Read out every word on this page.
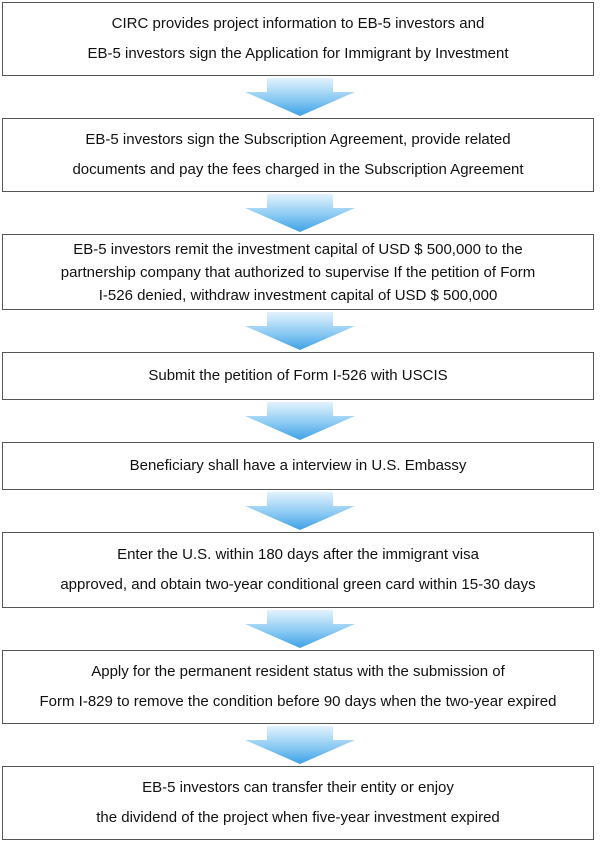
CIRC provides project information to EB-5 investors and
EB-5 investors sign the Application for Immigrant by Investment
EB-5 investors sign the Subscription Agreement, provide related
documents and pay the fees charged in the Subscription Agreement
EB-5 investors remit the investment capital of USD $ 500,000 to the
partnership company that authorized to supervise If the petition of Form
I-526 denied, withdraw investment capital of USD $ 500,000
Submit the petition of Form I-526 with USCIS
Beneficiary shall have a interview in U.S. Embassy
Enter the U.S. within 180 days after the immigrant visa
approved, and obtain two-year conditional green card within 15-30 days
Apply for the permanent resident status with the submission of
Form I-829 to remove the condition before 90 days when the two-year expired
EB-5 investors can transfer their entity or enjoy
the dividend of the project when five-year investment expired
